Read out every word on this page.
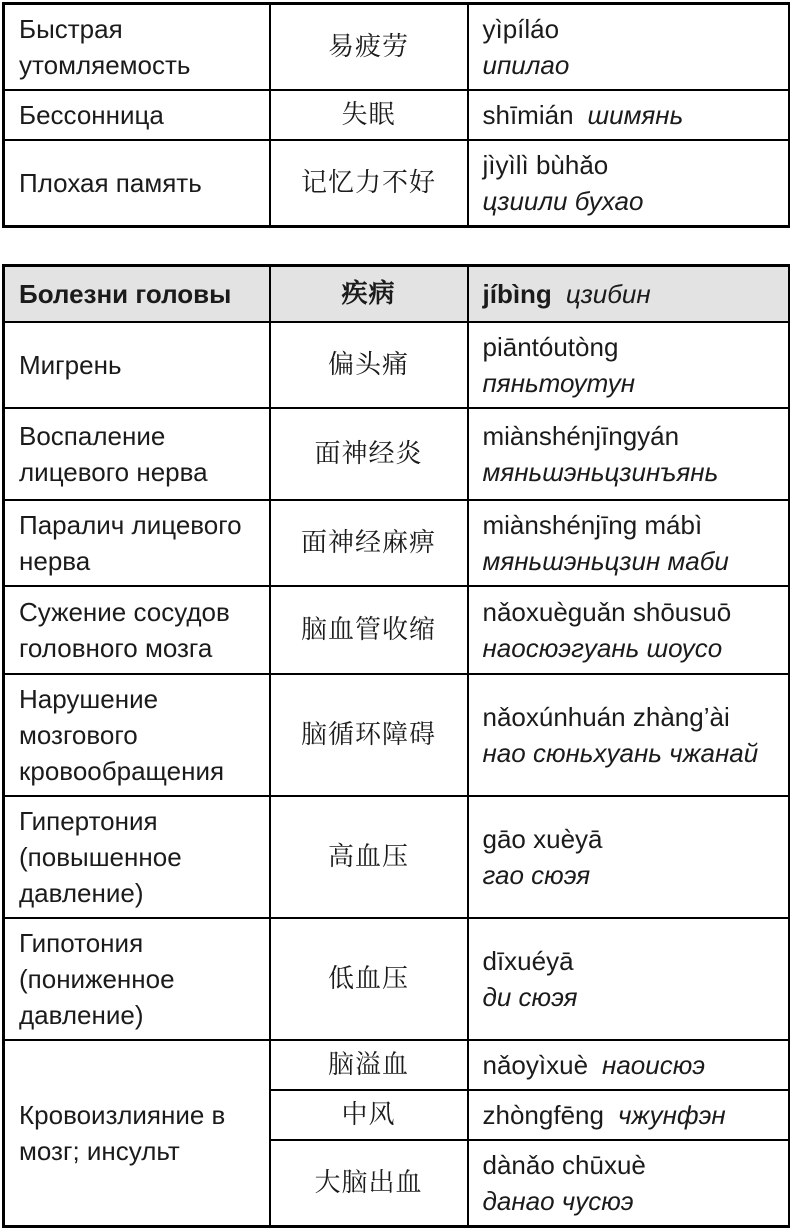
Быстрая утомляемость	易疲劳	yìpíláo
ипилао

Бессонница	失眠	shīmián шимянь
Плохая память	记忆力不好	jìyìlì bùhǎo
цзиили бухао
Болезни головы	疾病	jíbìng цзибин
Мигрень	偏头痛	piāntóutòng
пяньтоутун

Воспаление лицевого нерва	面神经炎	miànshénjīngyán
мяньшэньцзинъянь

Паралич лицевого нерва	面神经麻痹	miànshénjīng mábì
мяньшэньцзин маби

Сужение сосудов головного мозга	脑血管收缩	nǎoxuèguǎn shōusuō
наосюэгуань шоусо

Нарушение мозгового кровообращения	脑循环障碍	nǎoxúnhuán zhàng’ài
нао сюньхуань чжанай

Гипертония (повышенное давление)	高血压	gāo xuèyā
гао сюэя

Гипотония (пониженное давление)	低血压	dīxuéyā
ди сюэя

Кровоизлияние в мозг; инсульт	脑溢血	nǎoyìxuè наоисюэ
	中风	zhòngfēng чжунфэн
	大脑出血	dànǎo chūxuè
данао чусюэ
